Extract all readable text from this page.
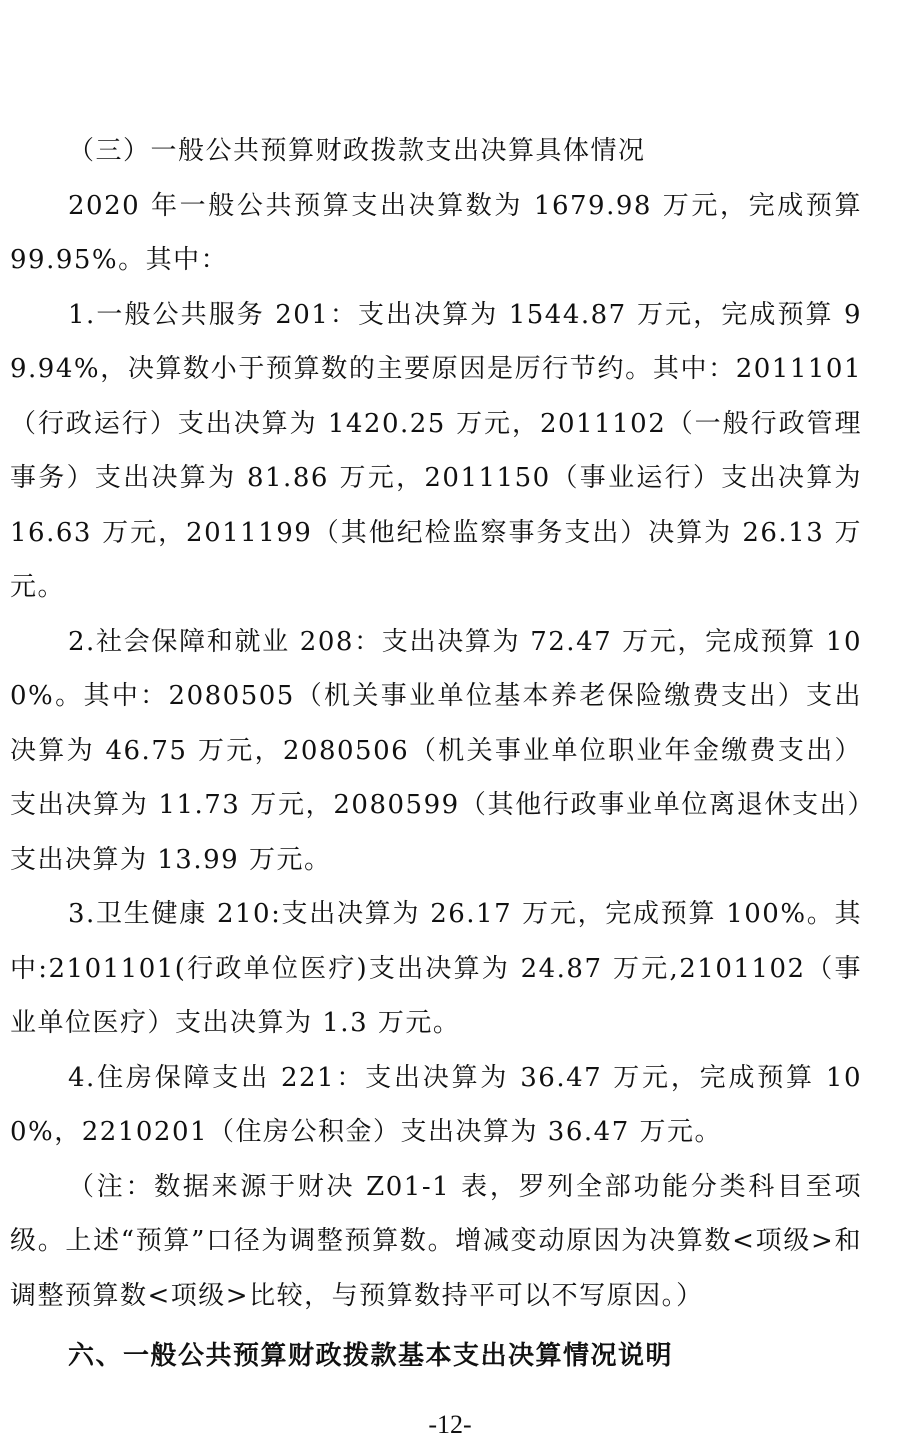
（三）一般公共预算财政拨款支出决算具体情况

2020 年一般公共预算支出决算数为 1679.98 万元，完成预算 99.95%。其中：

1.一般公共服务 201：支出决算为 1544.87 万元，完成预算 99.94%，决算数小于预算数的主要原因是厉行节约。其中：2011101（行政运行）支出决算为 1420.25 万元，2011102（一般行政管理事务）支出决算为 81.86 万元，2011150（事业运行）支出决算为 16.63 万元，2011199（其他纪检监察事务支出）决算为 26.13 万元。

2.社会保障和就业 208：支出决算为 72.47 万元，完成预算 100%。其中：2080505（机关事业单位基本养老保险缴费支出）支出决算为 46.75 万元，2080506（机关事业单位职业年金缴费支出）支出决算为 11.73 万元，2080599（其他行政事业单位离退休支出）支出决算为 13.99 万元。

3.卫生健康 210:支出决算为 26.17 万元，完成预算 100%。其中:2101101(行政单位医疗)支出决算为 24.87 万元,2101102（事业单位医疗）支出决算为 1.3 万元。

4.住房保障支出 221：支出决算为 36.47 万元，完成预算 100%，2210201（住房公积金）支出决算为 36.47 万元。

（注：数据来源于财决 Z01-1 表，罗列全部功能分类科目至项级。上述“预算”口径为调整预算数。增减变动原因为决算数<项级>和调整预算数<项级>比较，与预算数持平可以不写原因。）

六、一般公共预算财政拨款基本支出决算情况说明

-12-
